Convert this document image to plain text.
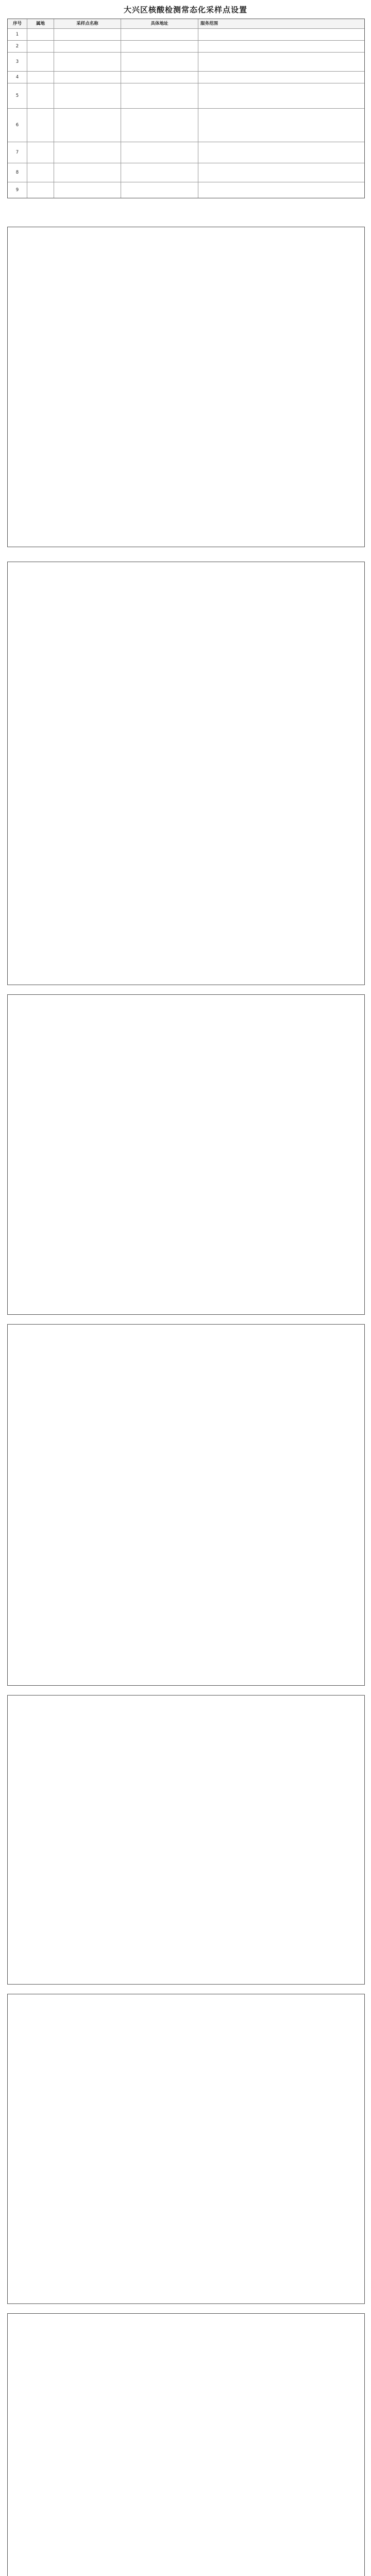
大兴区核酸检测常态化采样点设置
序号	属地	采样点名称	具体地址	服务范围
1
2
3
4
5
6
7
8
9
